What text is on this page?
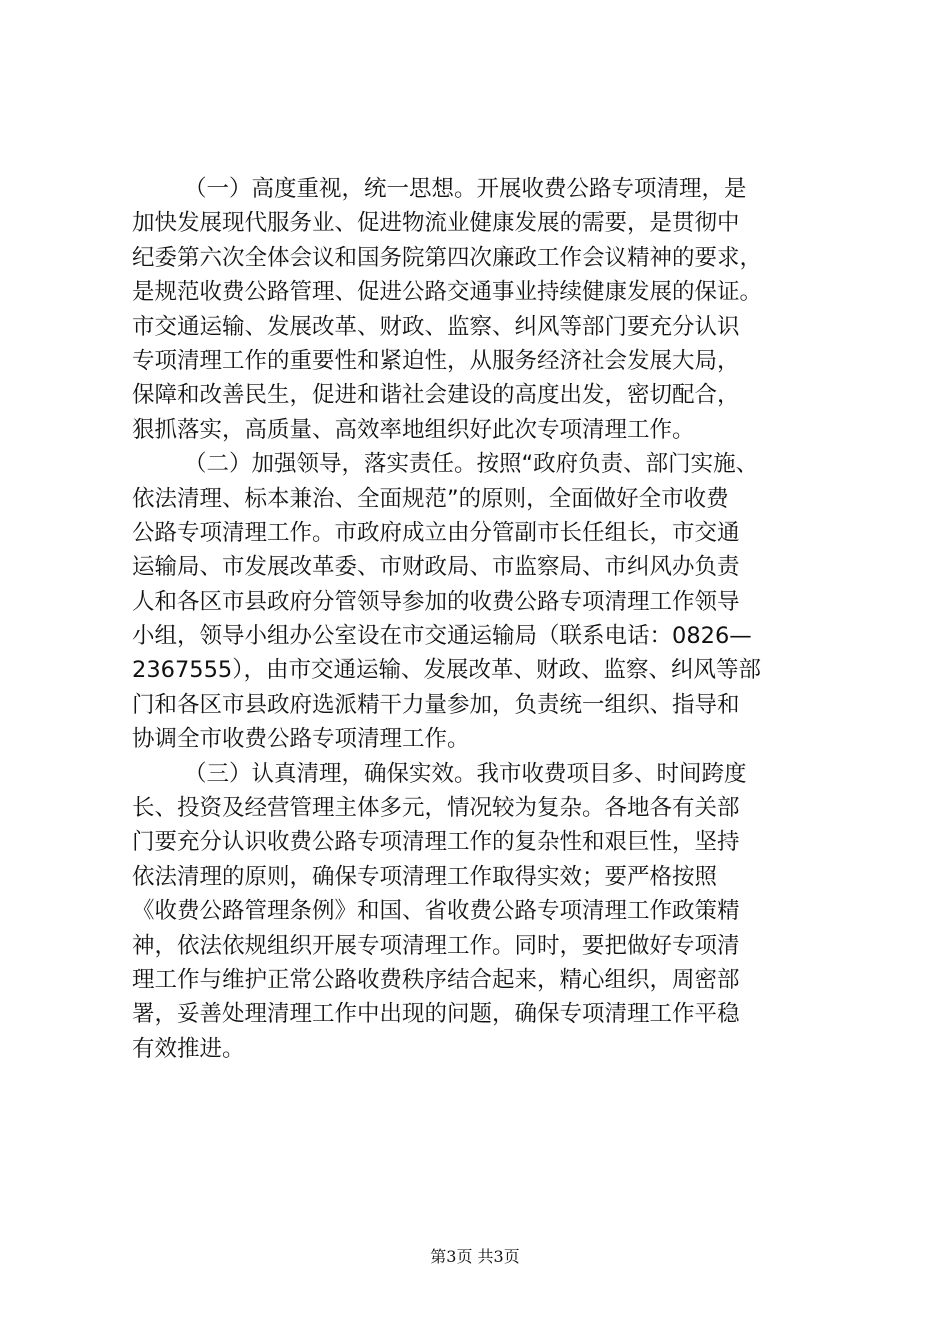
（一）高度重视，统一思想。开展收费公路专项清理，是
加快发展现代服务业、促进物流业健康发展的需要，是贯彻中
纪委第六次全体会议和国务院第四次廉政工作会议精神的要求，
是规范收费公路管理、促进公路交通事业持续健康发展的保证。
市交通运输、发展改革、财政、监察、纠风等部门要充分认识
专项清理工作的重要性和紧迫性，从服务经济社会发展大局，
保障和改善民生，促进和谐社会建设的高度出发，密切配合，
狠抓落实，高质量、高效率地组织好此次专项清理工作。
（二）加强领导，落实责任。按照“政府负责、部门实施、
依法清理、标本兼治、全面规范”的原则，全面做好全市收费
公路专项清理工作。市政府成立由分管副市长任组长，市交通
运输局、市发展改革委、市财政局、市监察局、市纠风办负责
人和各区市县政府分管领导参加的收费公路专项清理工作领导
小组，领导小组办公室设在市交通运输局（联系电话：0826—
2367555），由市交通运输、发展改革、财政、监察、纠风等部
门和各区市县政府选派精干力量参加，负责统一组织、指导和
协调全市收费公路专项清理工作。
（三）认真清理，确保实效。我市收费项目多、时间跨度
长、投资及经营管理主体多元，情况较为复杂。各地各有关部
门要充分认识收费公路专项清理工作的复杂性和艰巨性，坚持
依法清理的原则，确保专项清理工作取得实效；要严格按照
《收费公路管理条例》和国、省收费公路专项清理工作政策精
神，依法依规组织开展专项清理工作。同时，要把做好专项清
理工作与维护正常公路收费秩序结合起来，精心组织，周密部
署，妥善处理清理工作中出现的问题，确保专项清理工作平稳
有效推进。
第3页 共3页
